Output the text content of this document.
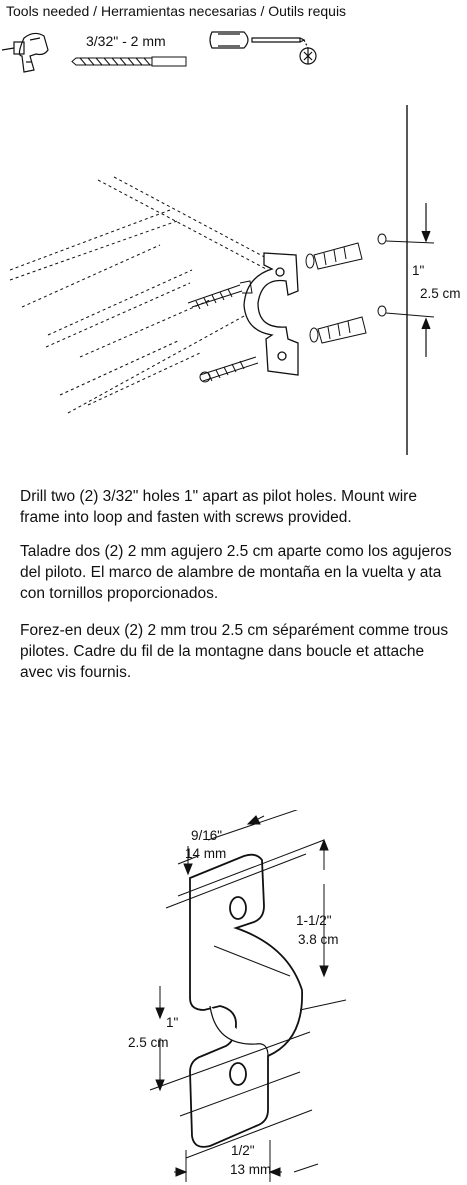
Tools needed / Herramientas necesarias / Outils requis
3/32" - 2 mm
1"
2.5 cm

Drill two (2) 3/32" holes 1" apart as pilot holes. Mount wire frame into loop and fasten with screws provided.

Taladre dos (2) 2 mm agujero 2.5 cm aparte como los agujeros del piloto. El marco de alambre de montaña en la vuelta y ata con tornillos proporcionados.

Forez-en deux (2) 2 mm trou 2.5 cm séparément comme trous pilotes. Cadre du fil de la montagne dans boucle et attache avec vis fournis.

9/16"
14 mm
1-1/2"
3.8 cm
1"
2.5 cm
1/2"
13 mm
